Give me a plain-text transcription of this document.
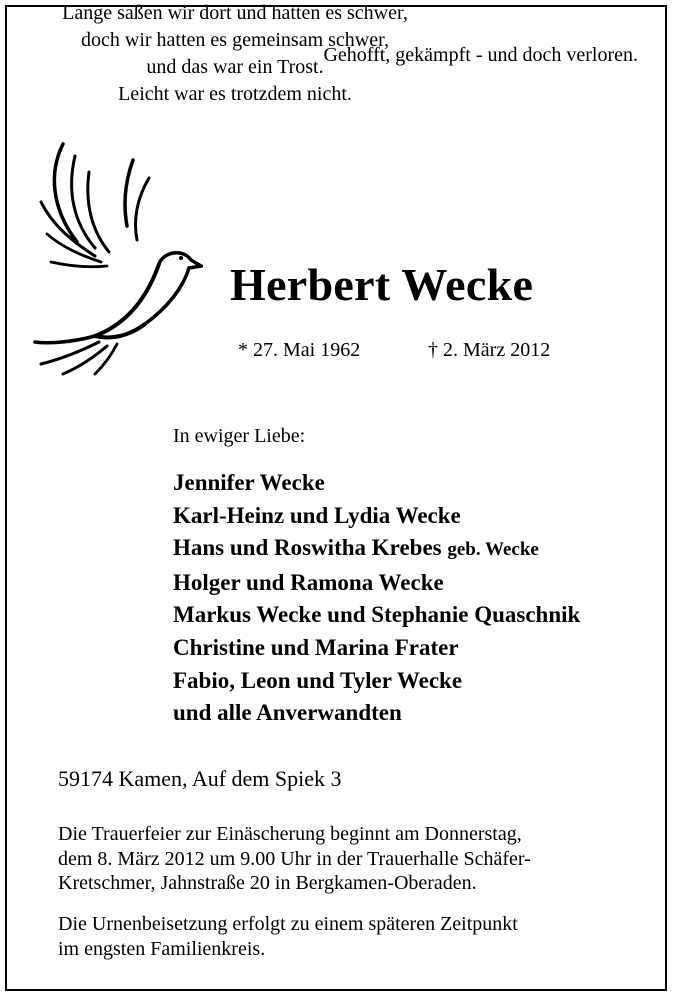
Gehofft, gekämpft - und doch verloren.
Lange saßen wir dort und hatten es schwer,
doch wir hatten es gemeinsam schwer,
und das war ein Trost.
Leicht war es trotzdem nicht.
Herbert Wecke
* 27. Mai 1962	† 2. März 2012
In ewiger Liebe:
Jennifer Wecke
Karl-Heinz und Lydia Wecke
Hans und Roswitha Krebes geb. Wecke
Holger und Ramona Wecke
Markus Wecke und Stephanie Quaschnik
Christine und Marina Frater
Fabio, Leon und Tyler Wecke
und alle Anverwandten
59174 Kamen, Auf dem Spiek 3
Die Trauerfeier zur Einäscherung beginnt am Donnerstag,
dem 8. März 2012 um 9.00 Uhr in der Trauerhalle Schäfer-
Kretschmer, Jahnstraße 20 in Bergkamen-Oberaden.
Die Urnenbeisetzung erfolgt zu einem späteren Zeitpunkt
im engsten Familienkreis.
